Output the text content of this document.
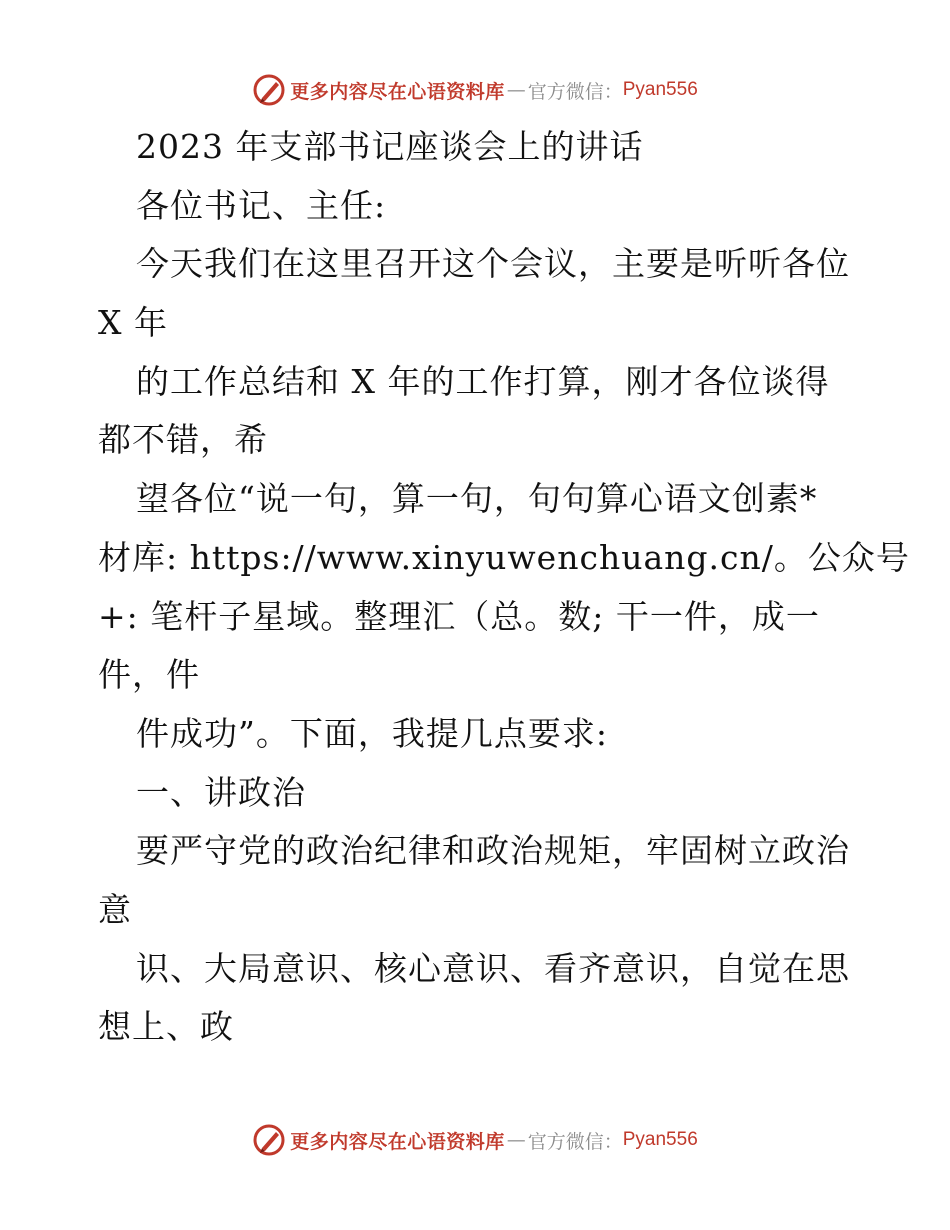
更多内容尽在心语资料库 — 官方微信： Pyan556
2023 年支部书记座谈会上的讲话
各位书记、主任:
今天我们在这里召开这个会议，主要是听听各位
X 年
的工作总结和 X 年的工作打算，刚才各位谈得
都不错，希
望各位“说一句，算一句，句句算心语文创素*
材库: https://www.xinyuwenchuang.cn/。公众号
+: 笔杆子星域。整理汇（总。数; 干一件，成一
件，件
件成功”。下面，我提几点要求:
一、讲政治
要严守党的政治纪律和政治规矩，牢固树立政治
意
识、大局意识、核心意识、看齐意识，自觉在思
想上、政
更多内容尽在心语资料库 — 官方微信： Pyan556
